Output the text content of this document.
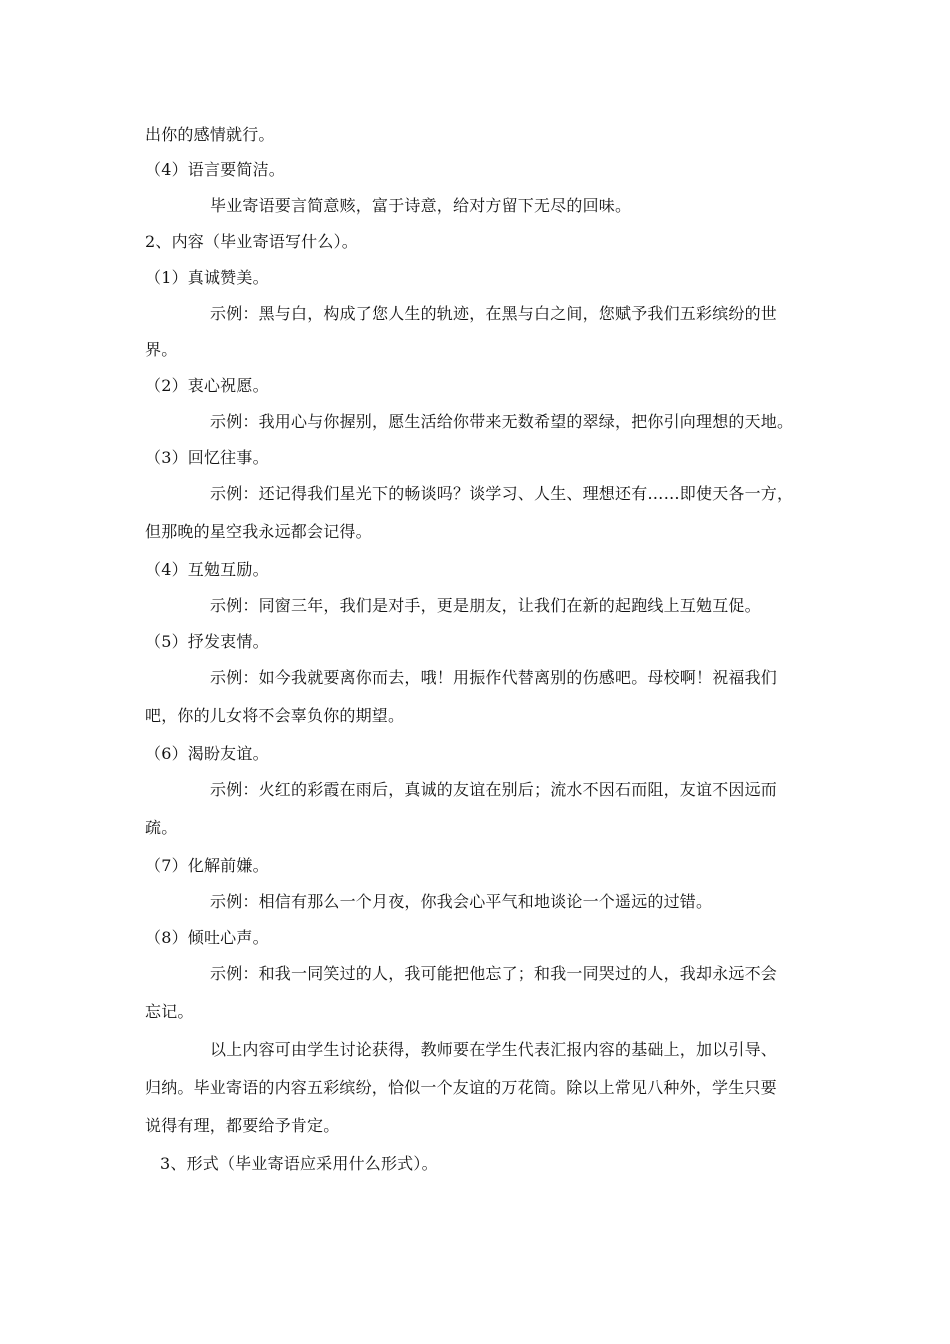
出你的感情就行。
（4）语言要简洁。
毕业寄语要言简意赅，富于诗意，给对方留下无尽的回味。
2、内容（毕业寄语写什么）。
（1）真诚赞美。
示例：黑与白，构成了您人生的轨迹，在黑与白之间，您赋予我们五彩缤纷的世
界。
（2）衷心祝愿。
示例：我用心与你握别，愿生活给你带来无数希望的翠绿，把你引向理想的天地。
（3）回忆往事。
示例：还记得我们星光下的畅谈吗？谈学习、人生、理想还有……即使天各一方，
但那晚的星空我永远都会记得。
（4）互勉互励。
示例：同窗三年，我们是对手，更是朋友，让我们在新的起跑线上互勉互促。
（5）抒发衷情。
示例：如今我就要离你而去，哦！用振作代替离别的伤感吧。母校啊！祝福我们
吧，你的儿女将不会辜负你的期望。
（6）渴盼友谊。
示例：火红的彩霞在雨后，真诚的友谊在别后；流水不因石而阻，友谊不因远而
疏。
（7）化解前嫌。
示例：相信有那么一个月夜，你我会心平气和地谈论一个遥远的过错。
（8）倾吐心声。
示例：和我一同笑过的人，我可能把他忘了；和我一同哭过的人，我却永远不会
忘记。
以上内容可由学生讨论获得，教师要在学生代表汇报内容的基础上，加以引导、
归纳。毕业寄语的内容五彩缤纷，恰似一个友谊的万花筒。除以上常见八种外，学生只要
说得有理，都要给予肯定。
3、形式（毕业寄语应采用什么形式）。
